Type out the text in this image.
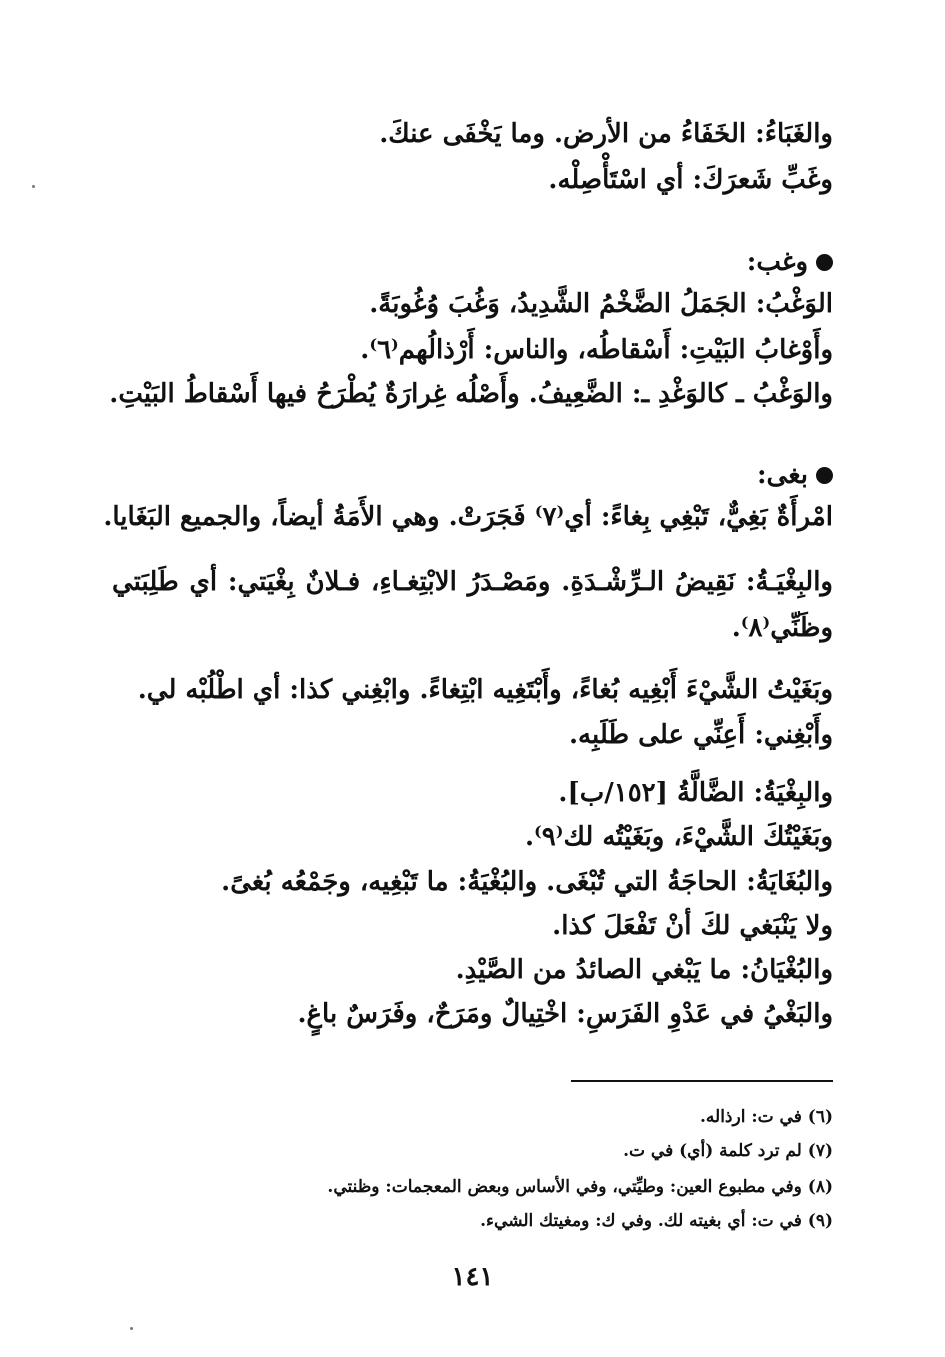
والغَبَاءُ: الخَفَاءُ من الأرض. وما يَخْفَى عنكَ.
وغَبِّ شَعرَكَ: أي اسْتَأْصِلْه.
وغب:
الوَغْبُ: الجَمَلُ الضَّخْمُ الشَّدِيدُ، وَغُبَ وُغُوبَةً.
وأَوْغابُ البَيْتِ: أَسْقاطُه، والناس: أَرْذالُهم⁽٦⁾.
والوَغْبُ ـ كالوَغْدِ ـ: الضَّعِيفُ. وأَصْلُه غِرارَةٌ يُطْرَحُ فيها أَسْقاطُ البَيْتِ.
بغى:
امْرأَةٌ بَغِيٌّ، تَبْغِي بِغاءً: أي⁽٧⁾ فَجَرَتْ. وهي الأَمَةُ أيضاً، والجميع البَغَايا.
والبِغْيَـةُ: نَقِيضُ الـرِّشْـدَةِ. ومَصْـدَرُ الابْتِغـاءِ، فـلانٌ بِغْيَتي: أي طَلِبَتي
وظَنِّي⁽٨⁾.
وبَغَيْتُ الشَّيْءَ أَبْغِيه بُغاءً، وأَبْتَغِيه ابْتِغاءً. وابْغِني كذا: أي اطْلُبْه لي.
وأَبْغِني: أَعِنِّي على طَلَبِه.
والبِغْيَةُ: الضَّالَّةُ [١٥٢/ب].
وبَغَيْتُكَ الشَّيْءَ، وبَغَيْتُه لك⁽٩⁾.
والبُغَايَةُ: الحاجَةُ التي تُبْغَى. والبُغْيَةُ: ما تَبْغِيه، وجَمْعُه بُغىً.
ولا يَنْبَغي لكَ أنْ تَفْعَلَ كذا.
والبُغْيَانُ: ما يَبْغي الصائدُ من الصَّيْدِ.
والبَغْيُ في عَدْوِ الفَرَسِ: اخْتِيالٌ ومَرَحٌ، وفَرَسٌ باغٍ.
(٦) في ت: ارذاله.
(٧) لم ترد كلمة (أي) في ت.
(٨) وفي مطبوع العين: وطيِّتي، وفي الأساس وبعض المعجمات: وظنتي.
(٩) في ت: أي بغيته لك. وفي ك: ومغيتك الشيء.
١٤١
